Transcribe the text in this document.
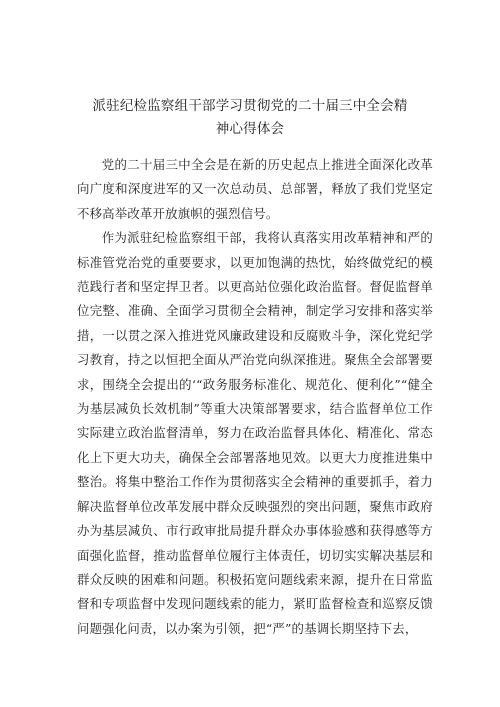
派驻纪检监察组干部学习贯彻党的二十届三中全会精
神心得体会

党的二十届三中全会是在新的历史起点上推进全面深化改革向广度和深度进军的又一次总动员、总部署，释放了我们党坚定不移高举改革开放旗帜的强烈信号。

作为派驻纪检监察组干部，我将认真落实用改革精神和严的标准管党治党的重要要求，以更加饱满的热忱，始终做党纪的模范践行者和坚定捍卫者。以更高站位强化政治监督。督促监督单位完整、准确、全面学习贯彻全会精神，制定学习安排和落实举措，一以贯之深入推进党风廉政建设和反腐败斗争，深化党纪学习教育，持之以恒把全面从严治党向纵深推进。聚焦全会部署要求，围绕全会提出的‘“政务服务标准化、规范化、便利化”“健全为基层减负长效机制”等重大决策部署要求，结合监督单位工作实际建立政治监督清单，努力在政治监督具体化、精准化、常态化上下更大功夫，确保全会部署落地见效。以更大力度推进集中整治。将集中整治工作作为贯彻落实全会精神的重要抓手，着力解决监督单位改革发展中群众反映强烈的突出问题，聚焦市政府办为基层减负、市行政审批局提升群众办事体验感和获得感等方面强化监督，推动监督单位履行主体责任，切切实实解决基层和群众反映的困难和问题。积极拓宽问题线索来源，提升在日常监督和专项监督中发现问题线索的能力，紧盯监督检查和巡察反馈问题强化问责，以办案为引领，把“严”的基调长期坚持下去，
